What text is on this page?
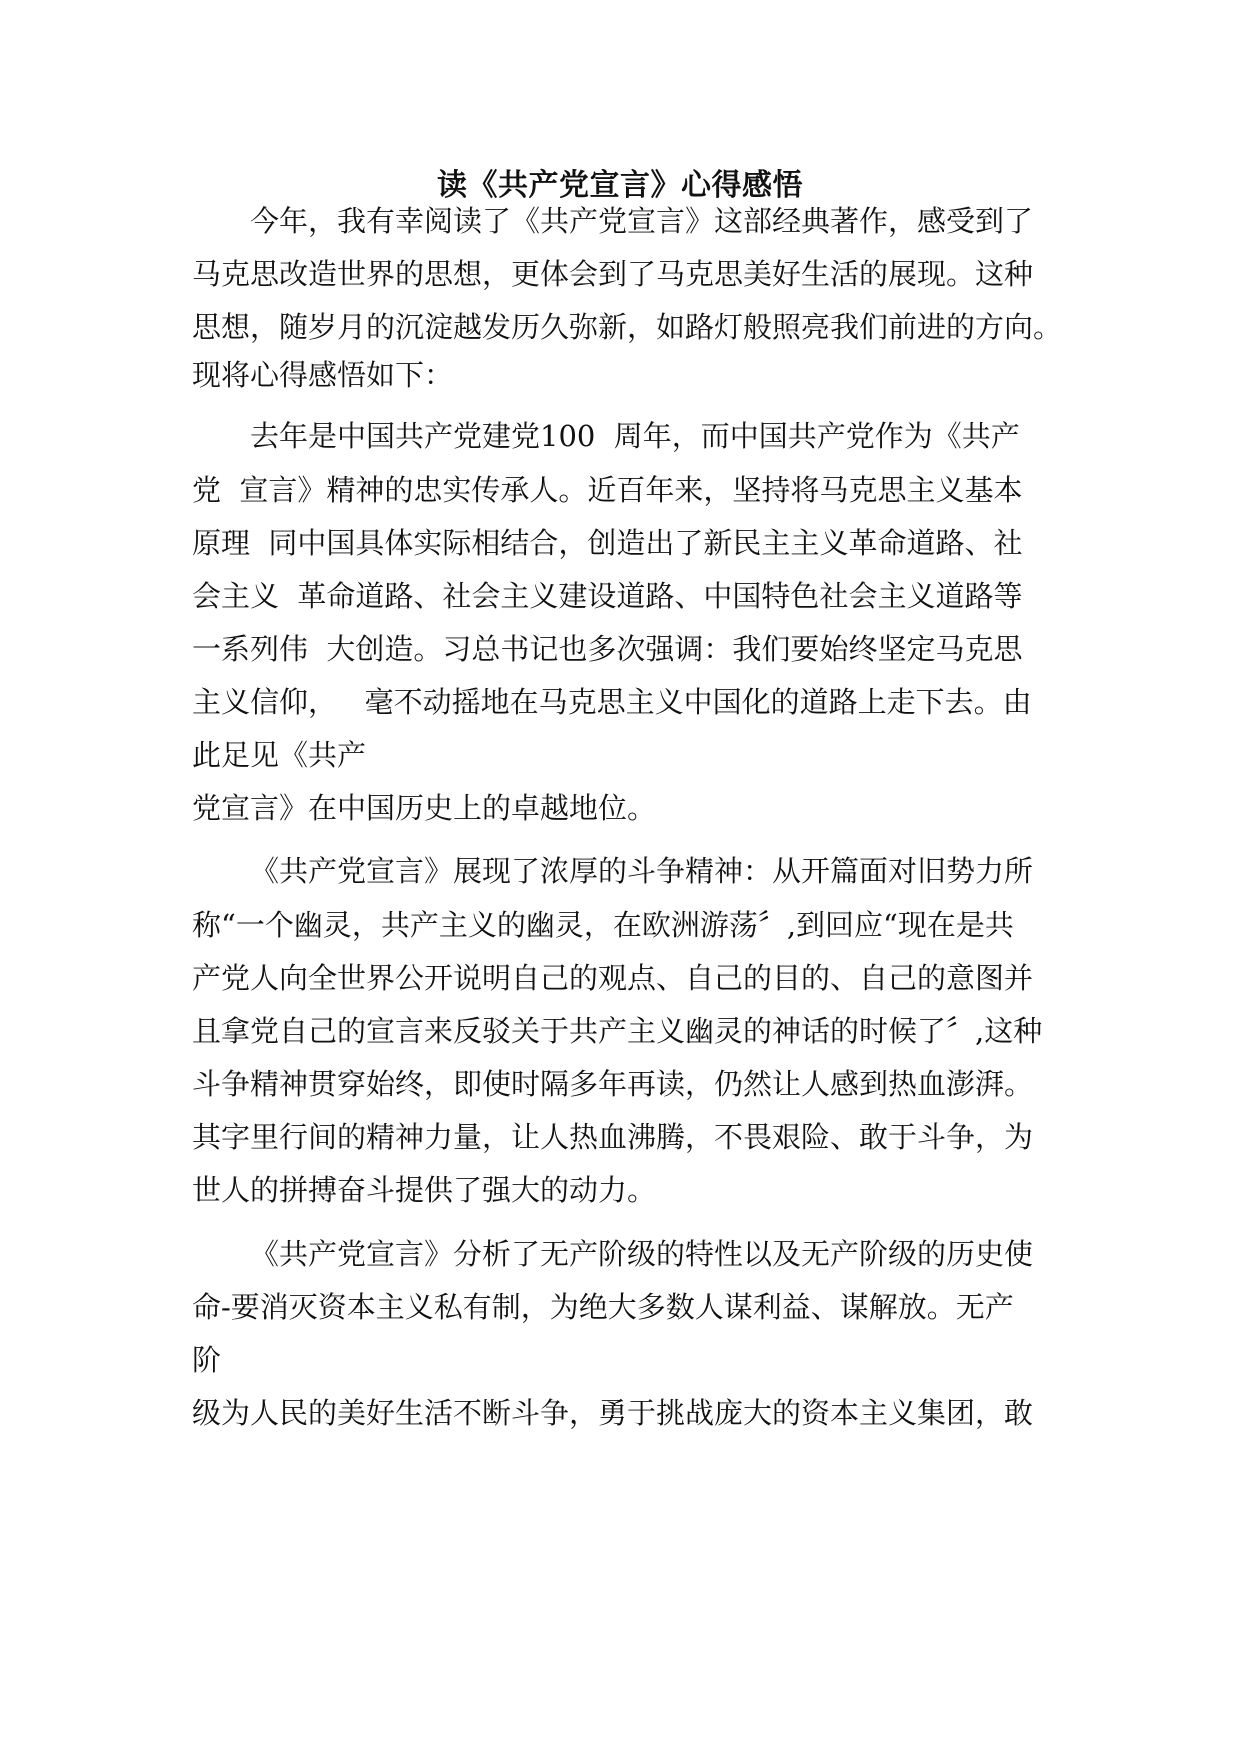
读《共产党宣言》心得感悟

今年，我有幸阅读了《共产党宣言》这部经典著作，感受到了

马克思改造世界的思想，更体会到了马克思美好生活的展现。这种

思想，随岁月的沉淀越发历久弥新，如路灯般照亮我们前进的方向。

现将心得感悟如下：

去年是中国共产党建党100  周年，而中国共产党作为《共产

党  宣言》精神的忠实传承人。近百年来，坚持将马克思主义基本

原理  同中国具体实际相结合，创造出了新民主主义革命道路、社

会主义  革命道路、社会主义建设道路、中国特色社会主义道路等

一系列伟  大创造。习总书记也多次强调：我们要始终坚定马克思

主义信仰，   毫不动摇地在马克思主义中国化的道路上走下去。由

此足见《共产

党宣言》在中国历史上的卓越地位。

《共产党宣言》展现了浓厚的斗争精神：从开篇面对旧势力所

称“一个幽灵，共产主义的幽灵，在欧洲游荡〞,到回应“现在是共

产党人向全世界公开说明自己的观点、自己的目的、自己的意图并

且拿党自己的宣言来反驳关于共产主义幽灵的神话的时候了〞,这种

斗争精神贯穿始终，即使时隔多年再读，仍然让人感到热血澎湃。

其字里行间的精神力量，让人热血沸腾，不畏艰险、敢于斗争，为

世人的拼搏奋斗提供了强大的动力。

《共产党宣言》分析了无产阶级的特性以及无产阶级的历史使

命-要消灭资本主义私有制，为绝大多数人谋利益、谋解放。无产

阶

级为人民的美好生活不断斗争，勇于挑战庞大的资本主义集团，敢
